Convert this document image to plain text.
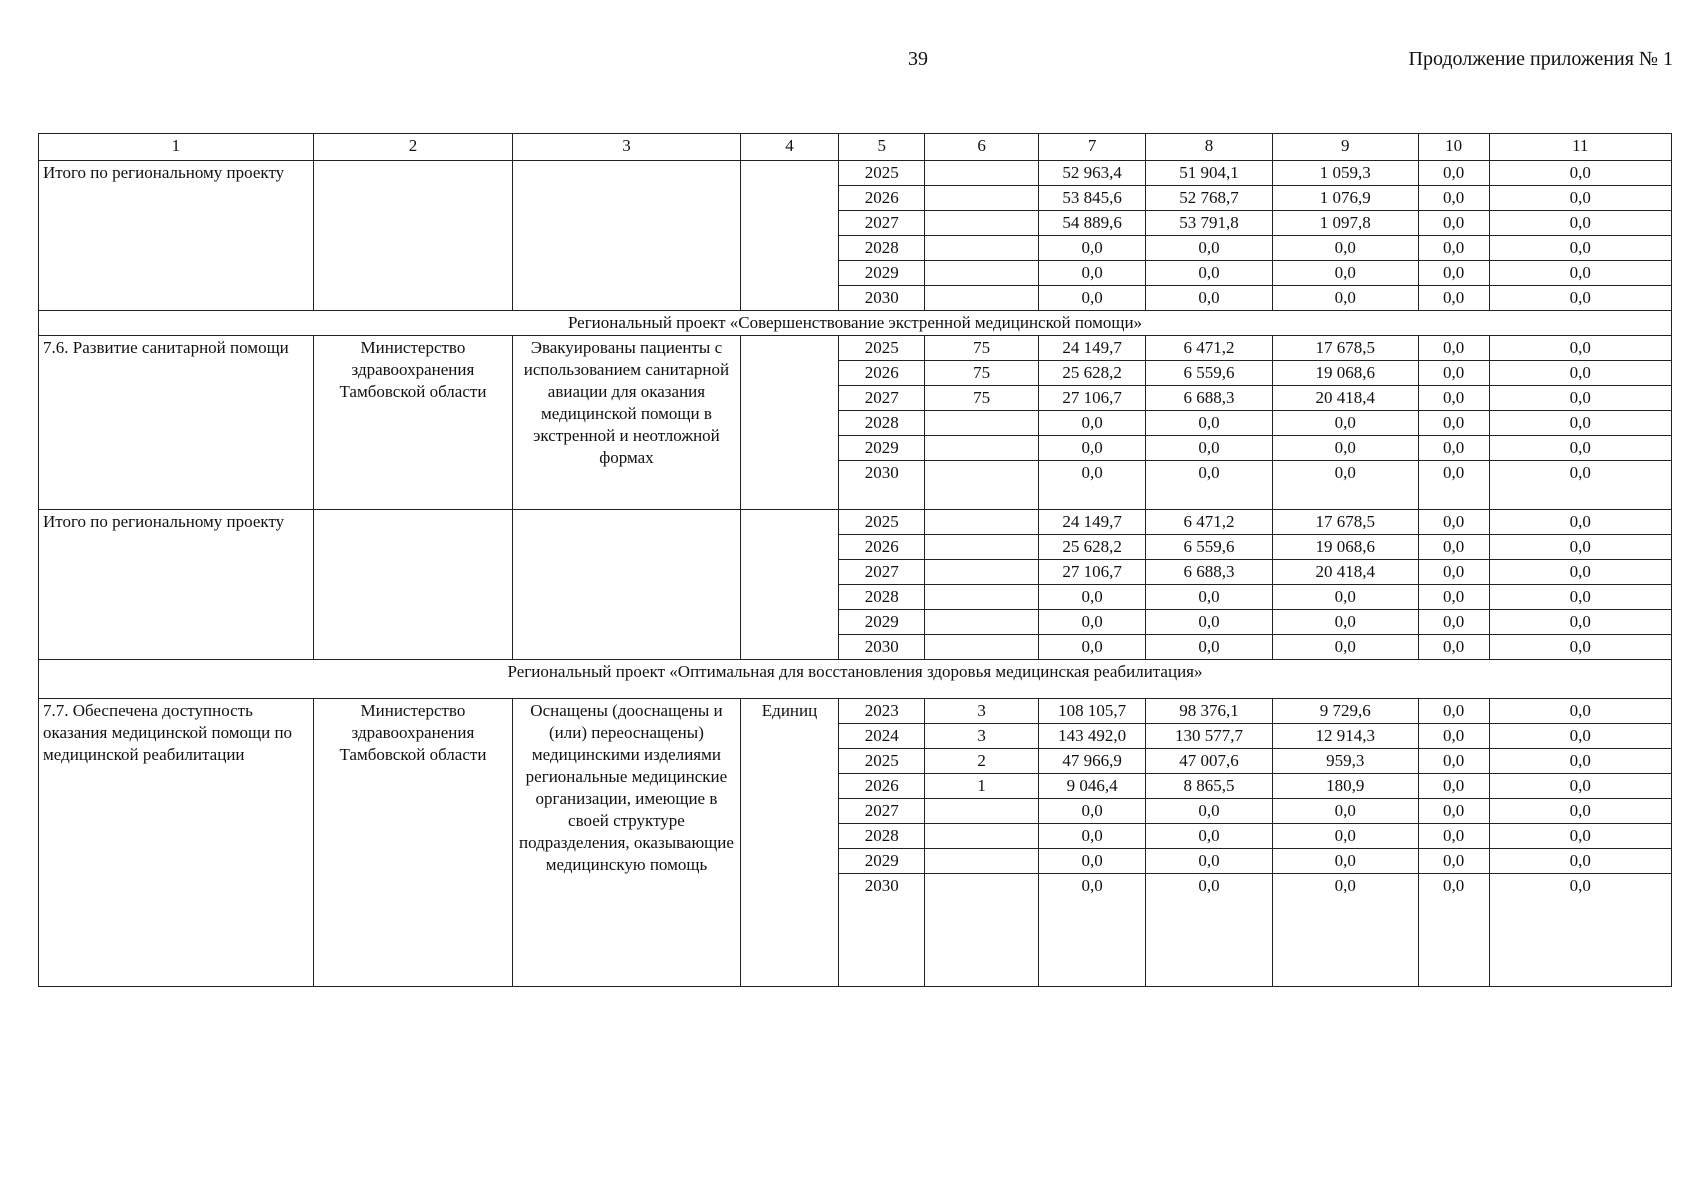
39	Продолжение приложения № 1
1	2	3	4	5	6	7	8	9	10	11
Итого по региональному проекту				2025		52 963,4	51 904,1	1 059,3	0,0	0,0
				2026		53 845,6	52 768,7	1 076,9	0,0	0,0
				2027		54 889,6	53 791,8	1 097,8	0,0	0,0
				2028		0,0	0,0	0,0	0,0	0,0
				2029		0,0	0,0	0,0	0,0	0,0
				2030		0,0	0,0	0,0	0,0	0,0
Региональный проект «Совершенствование экстренной медицинской помощи»										
7.6. Развитие санитарной помощи	Министерство здравоохранения Тамбовской области	Эвакуированы пациенты с использованием санитарной авиации для оказания медицинской помощи в экстренной и неотложной формах		2025	75	24 149,7	6 471,2	17 678,5	0,0	0,0
				2026	75	25 628,2	6 559,6	19 068,6	0,0	0,0
				2027	75	27 106,7	6 688,3	20 418,4	0,0	0,0
				2028		0,0	0,0	0,0	0,0	0,0
				2029		0,0	0,0	0,0	0,0	0,0
				2030		0,0	0,0	0,0	0,0	0,0
Итого по региональному проекту				2025		24 149,7	6 471,2	17 678,5	0,0	0,0
				2026		25 628,2	6 559,6	19 068,6	0,0	0,0
				2027		27 106,7	6 688,3	20 418,4	0,0	0,0
				2028		0,0	0,0	0,0	0,0	0,0
				2029		0,0	0,0	0,0	0,0	0,0
				2030		0,0	0,0	0,0	0,0	0,0
Региональный проект «Оптимальная для восстановления здоровья медицинская реабилитация»										
7.7. Обеспечена доступность оказания медицинской помощи по медицинской реабилитации	Министерство здравоохранения Тамбовской области	Оснащены (дооснащены и (или) переоснащены) медицинскими изделиями региональные медицинские организации, имеющие в своей структуре подразделения, оказывающие медицинскую помощь	Единиц	2023	3	108 105,7	98 376,1	9 729,6	0,0	0,0
				2024	3	143 492,0	130 577,7	12 914,3	0,0	0,0
				2025	2	47 966,9	47 007,6	959,3	0,0	0,0
				2026	1	9 046,4	8 865,5	180,9	0,0	0,0
				2027		0,0	0,0	0,0	0,0	0,0
				2028		0,0	0,0	0,0	0,0	0,0
				2029		0,0	0,0	0,0	0,0	0,0
				2030		0,0	0,0	0,0	0,0	0,0
